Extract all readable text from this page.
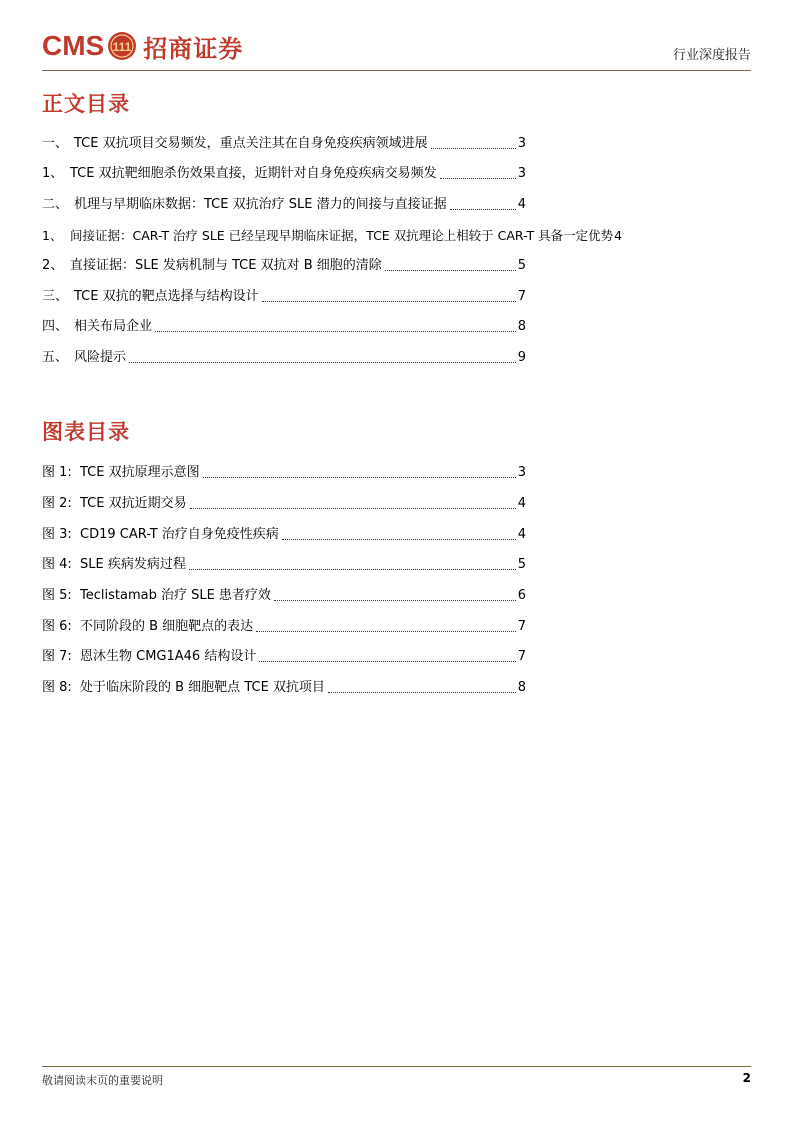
CMS 111 招商证券	行业深度报告
正文目录
一、 TCE 双抗项目交易频发，重点关注其在自身免疫疾病领域进展	3
1、 TCE 双抗靶细胞杀伤效果直接，近期针对自身免疫疾病交易频发	3
二、 机理与早期临床数据：TCE 双抗治疗 SLE 潜力的间接与直接证据	4
1、 间接证据：CAR-T 治疗 SLE 已经呈现早期临床证据，TCE 双抗理论上相较于 CAR-T 具备一定优势 4
2、 直接证据：SLE 发病机制与 TCE 双抗对 B 细胞的清除	5
三、 TCE 双抗的靶点选择与结构设计	7
四、 相关布局企业	8
五、 风险提示	9
图表目录
图 1: TCE 双抗原理示意图	3
图 2: TCE 双抗近期交易	4
图 3: CD19 CAR-T 治疗自身免疫性疾病	4
图 4: SLE 疾病发病过程	5
图 5: Teclistamab 治疗 SLE 患者疗效	6
图 6: 不同阶段的 B 细胞靶点的表达	7
图 7: 恩沐生物 CMG1A46 结构设计	7
图 8: 处于临床阶段的 B 细胞靶点 TCE 双抗项目	8
敬请阅读末页的重要说明	2
